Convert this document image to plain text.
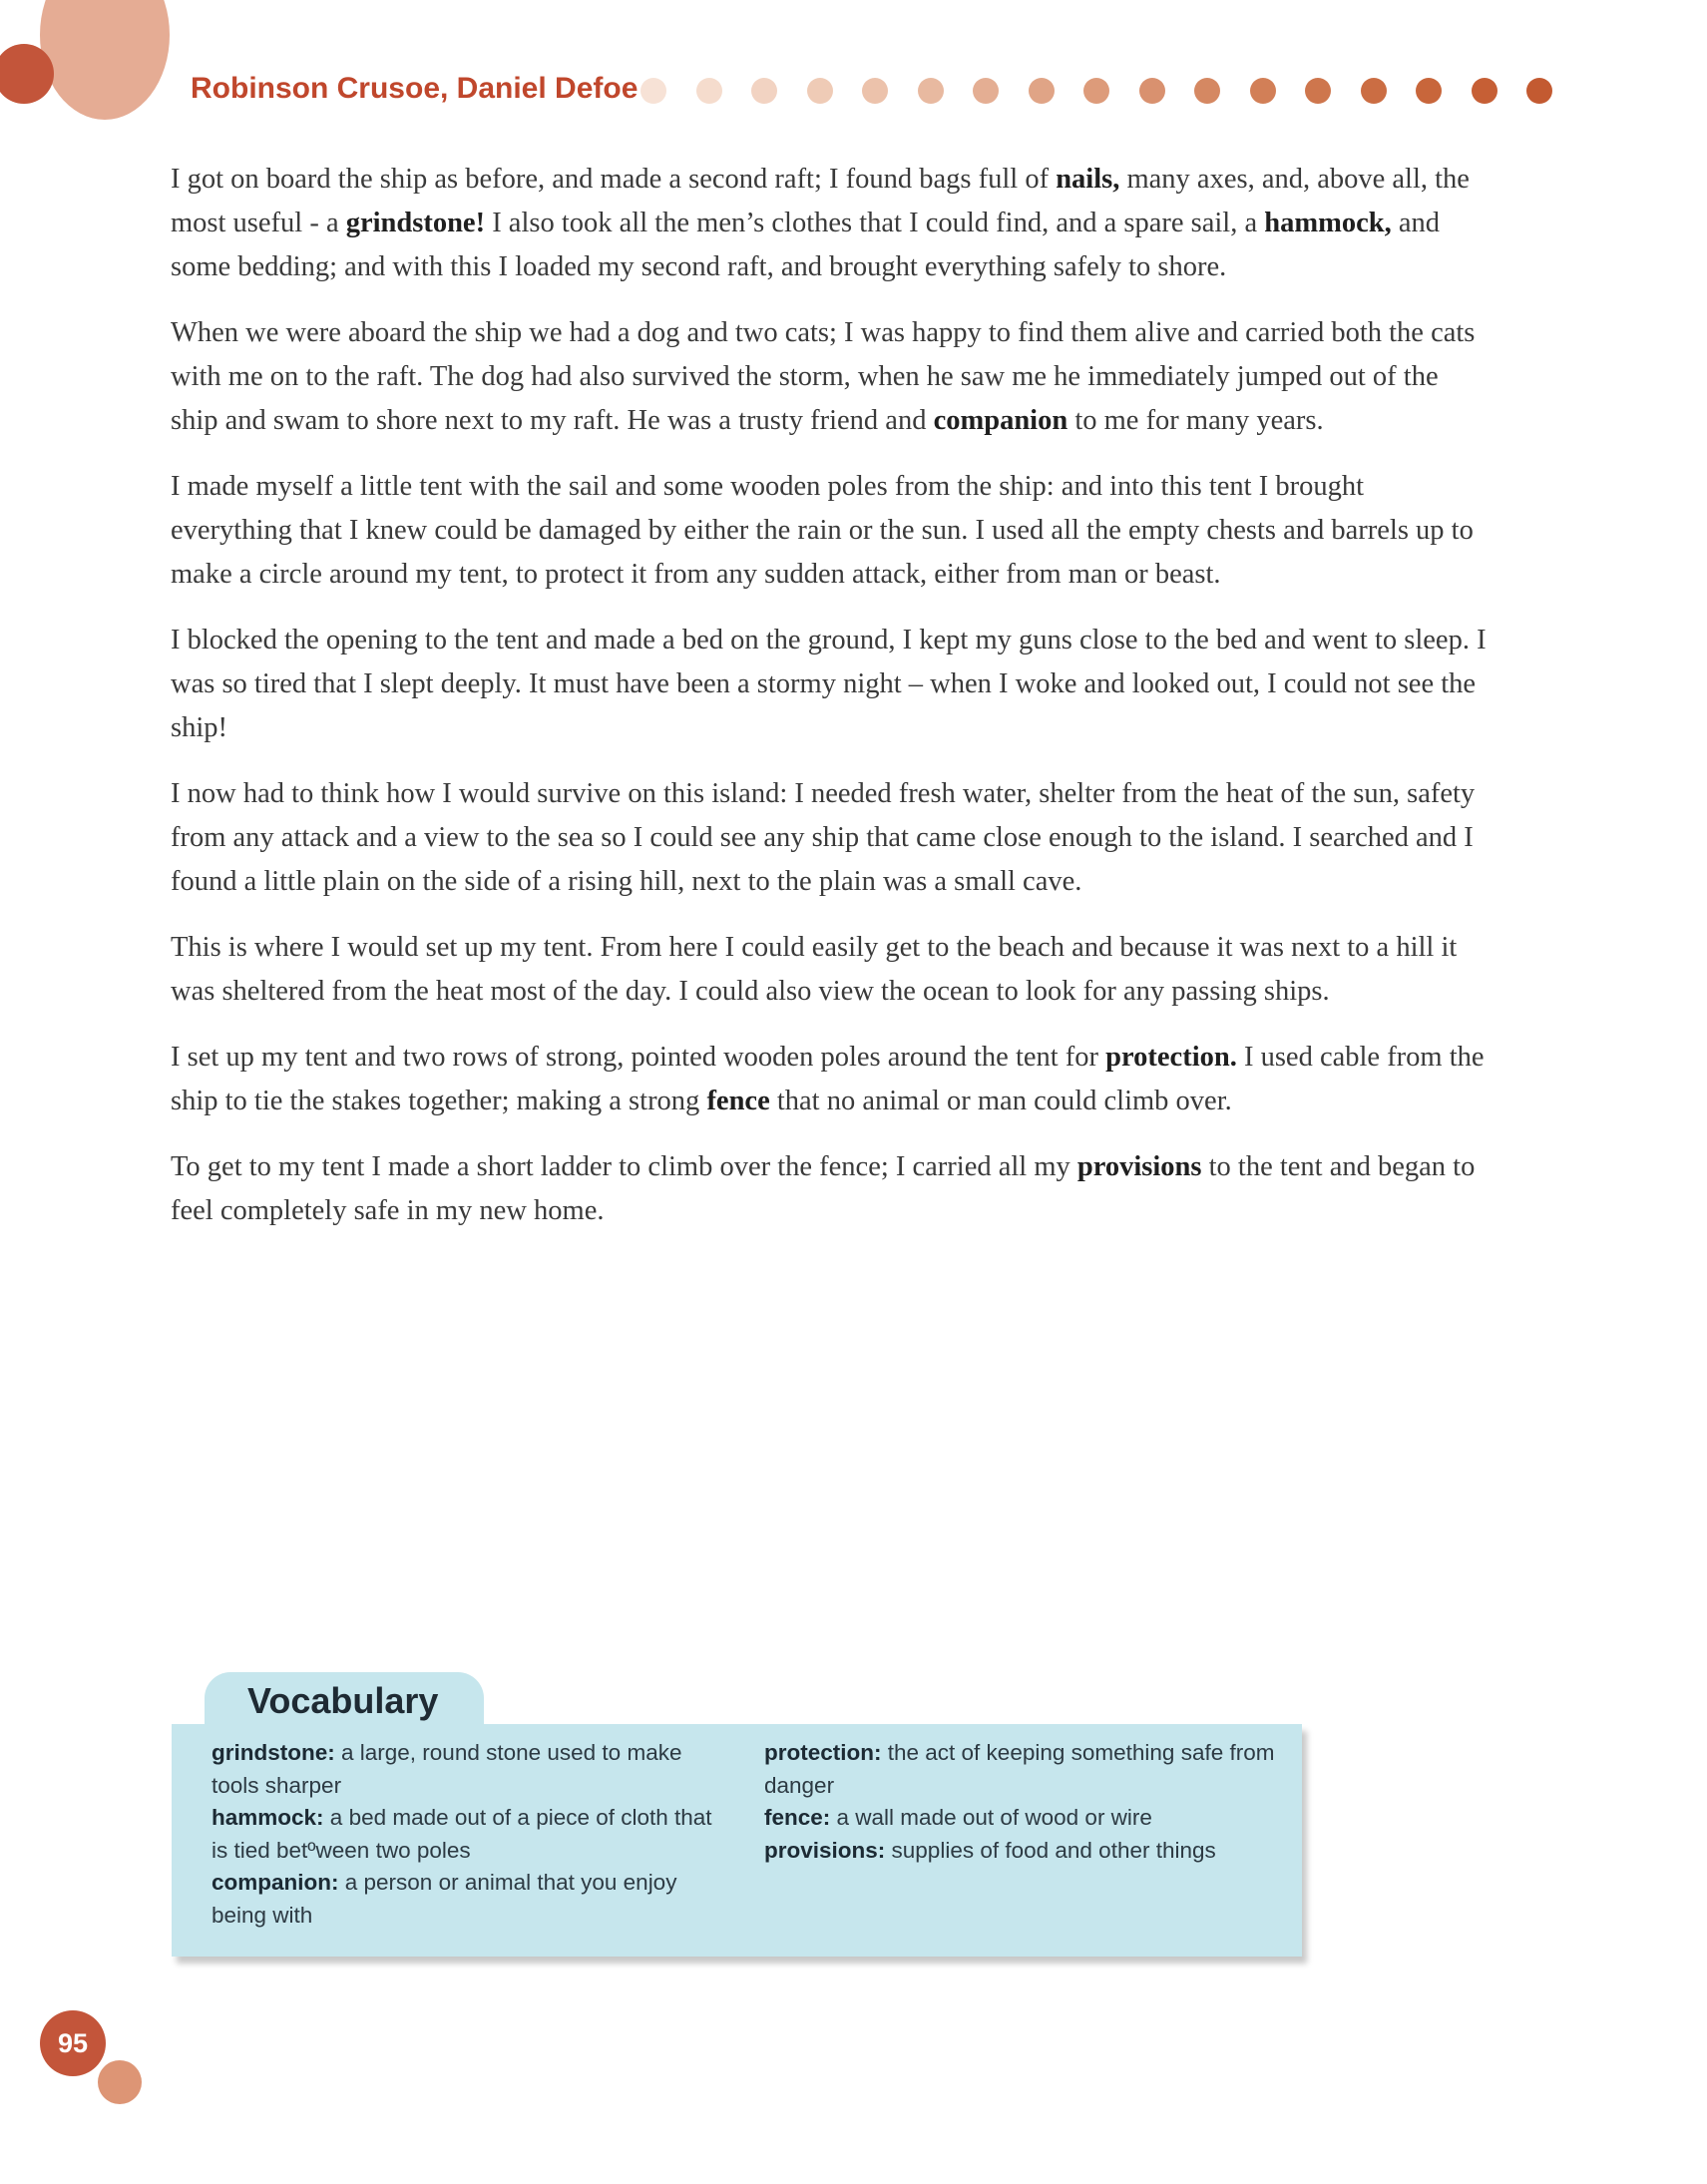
Robinson Crusoe, Daniel Defoe

I got on board the ship as before, and made a second raft; I found bags full of nails, many axes, and, above all, the most useful - a grindstone! I also took all the men’s clothes that I could find, and a spare sail, a hammock, and some bedding; and with this I loaded my second raft, and brought everything safely to shore.

When we were aboard the ship we had a dog and two cats; I was happy to find them alive and carried both the cats with me on to the raft. The dog had also survived the storm, when he saw me he immediately jumped out of the ship and swam to shore next to my raft. He was a trusty friend and companion to me for many years.

I made myself a little tent with the sail and some wooden poles from the ship: and into this tent I brought everything that I knew could be damaged by either the rain or the sun. I used all the empty chests and barrels up to make a circle around my tent, to protect it from any sudden attack, either from man or beast.

I blocked the opening to the tent and made a bed on the ground, I kept my guns close to the bed and went to sleep. I was so tired that I slept deeply. It must have been a stormy night – when I woke and looked out, I could not see the ship!

I now had to think how I would survive on this island: I needed fresh water, shelter from the heat of the sun, safety from any attack and a view to the sea so I could see any ship that came close enough to the island. I searched and I found a little plain on the side of a rising hill, next to the plain was a small cave.

This is where I would set up my tent. From here I could easily get to the beach and because it was next to a hill it was sheltered from the heat most of the day. I could also view the ocean to look for any passing ships.

I set up my tent and two rows of strong, pointed wooden poles around the tent for protection. I used cable from the ship to tie the stakes together; making a strong fence that no animal or man could climb over.

To get to my tent I made a short ladder to climb over the fence; I carried all my provisions to the tent and began to feel completely safe in my new home.

Vocabulary
grindstone: a large, round stone used to make tools sharper
hammock: a bed made out of a piece of cloth that is tied betºween two poles
companion: a person or animal that you enjoy being with
protection: the act of keeping something safe from danger
fence: a wall made out of wood or wire
provisions: supplies of food and other things
95
